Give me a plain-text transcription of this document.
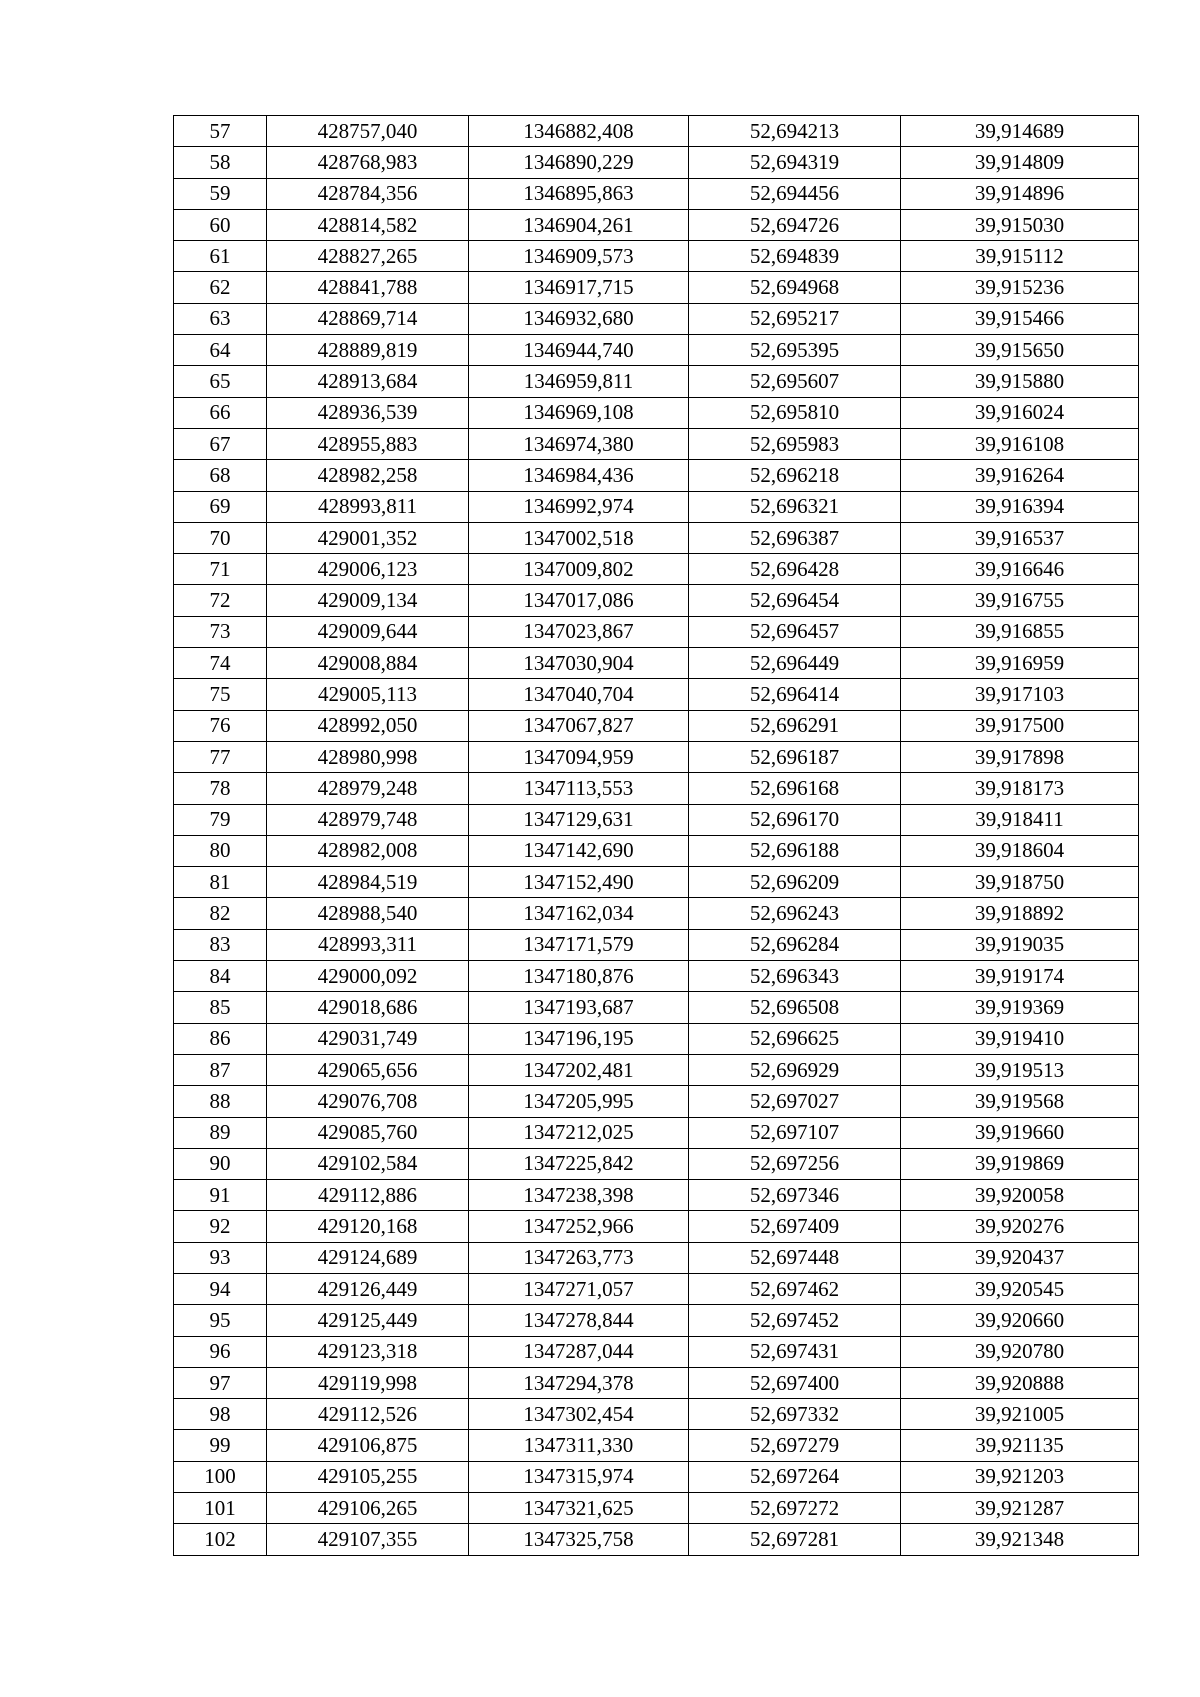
57	428757,040	1346882,408	52,694213	39,914689
58	428768,983	1346890,229	52,694319	39,914809
59	428784,356	1346895,863	52,694456	39,914896
60	428814,582	1346904,261	52,694726	39,915030
61	428827,265	1346909,573	52,694839	39,915112
62	428841,788	1346917,715	52,694968	39,915236
63	428869,714	1346932,680	52,695217	39,915466
64	428889,819	1346944,740	52,695395	39,915650
65	428913,684	1346959,811	52,695607	39,915880
66	428936,539	1346969,108	52,695810	39,916024
67	428955,883	1346974,380	52,695983	39,916108
68	428982,258	1346984,436	52,696218	39,916264
69	428993,811	1346992,974	52,696321	39,916394
70	429001,352	1347002,518	52,696387	39,916537
71	429006,123	1347009,802	52,696428	39,916646
72	429009,134	1347017,086	52,696454	39,916755
73	429009,644	1347023,867	52,696457	39,916855
74	429008,884	1347030,904	52,696449	39,916959
75	429005,113	1347040,704	52,696414	39,917103
76	428992,050	1347067,827	52,696291	39,917500
77	428980,998	1347094,959	52,696187	39,917898
78	428979,248	1347113,553	52,696168	39,918173
79	428979,748	1347129,631	52,696170	39,918411
80	428982,008	1347142,690	52,696188	39,918604
81	428984,519	1347152,490	52,696209	39,918750
82	428988,540	1347162,034	52,696243	39,918892
83	428993,311	1347171,579	52,696284	39,919035
84	429000,092	1347180,876	52,696343	39,919174
85	429018,686	1347193,687	52,696508	39,919369
86	429031,749	1347196,195	52,696625	39,919410
87	429065,656	1347202,481	52,696929	39,919513
88	429076,708	1347205,995	52,697027	39,919568
89	429085,760	1347212,025	52,697107	39,919660
90	429102,584	1347225,842	52,697256	39,919869
91	429112,886	1347238,398	52,697346	39,920058
92	429120,168	1347252,966	52,697409	39,920276
93	429124,689	1347263,773	52,697448	39,920437
94	429126,449	1347271,057	52,697462	39,920545
95	429125,449	1347278,844	52,697452	39,920660
96	429123,318	1347287,044	52,697431	39,920780
97	429119,998	1347294,378	52,697400	39,920888
98	429112,526	1347302,454	52,697332	39,921005
99	429106,875	1347311,330	52,697279	39,921135
100	429105,255	1347315,974	52,697264	39,921203
101	429106,265	1347321,625	52,697272	39,921287
102	429107,355	1347325,758	52,697281	39,921348
